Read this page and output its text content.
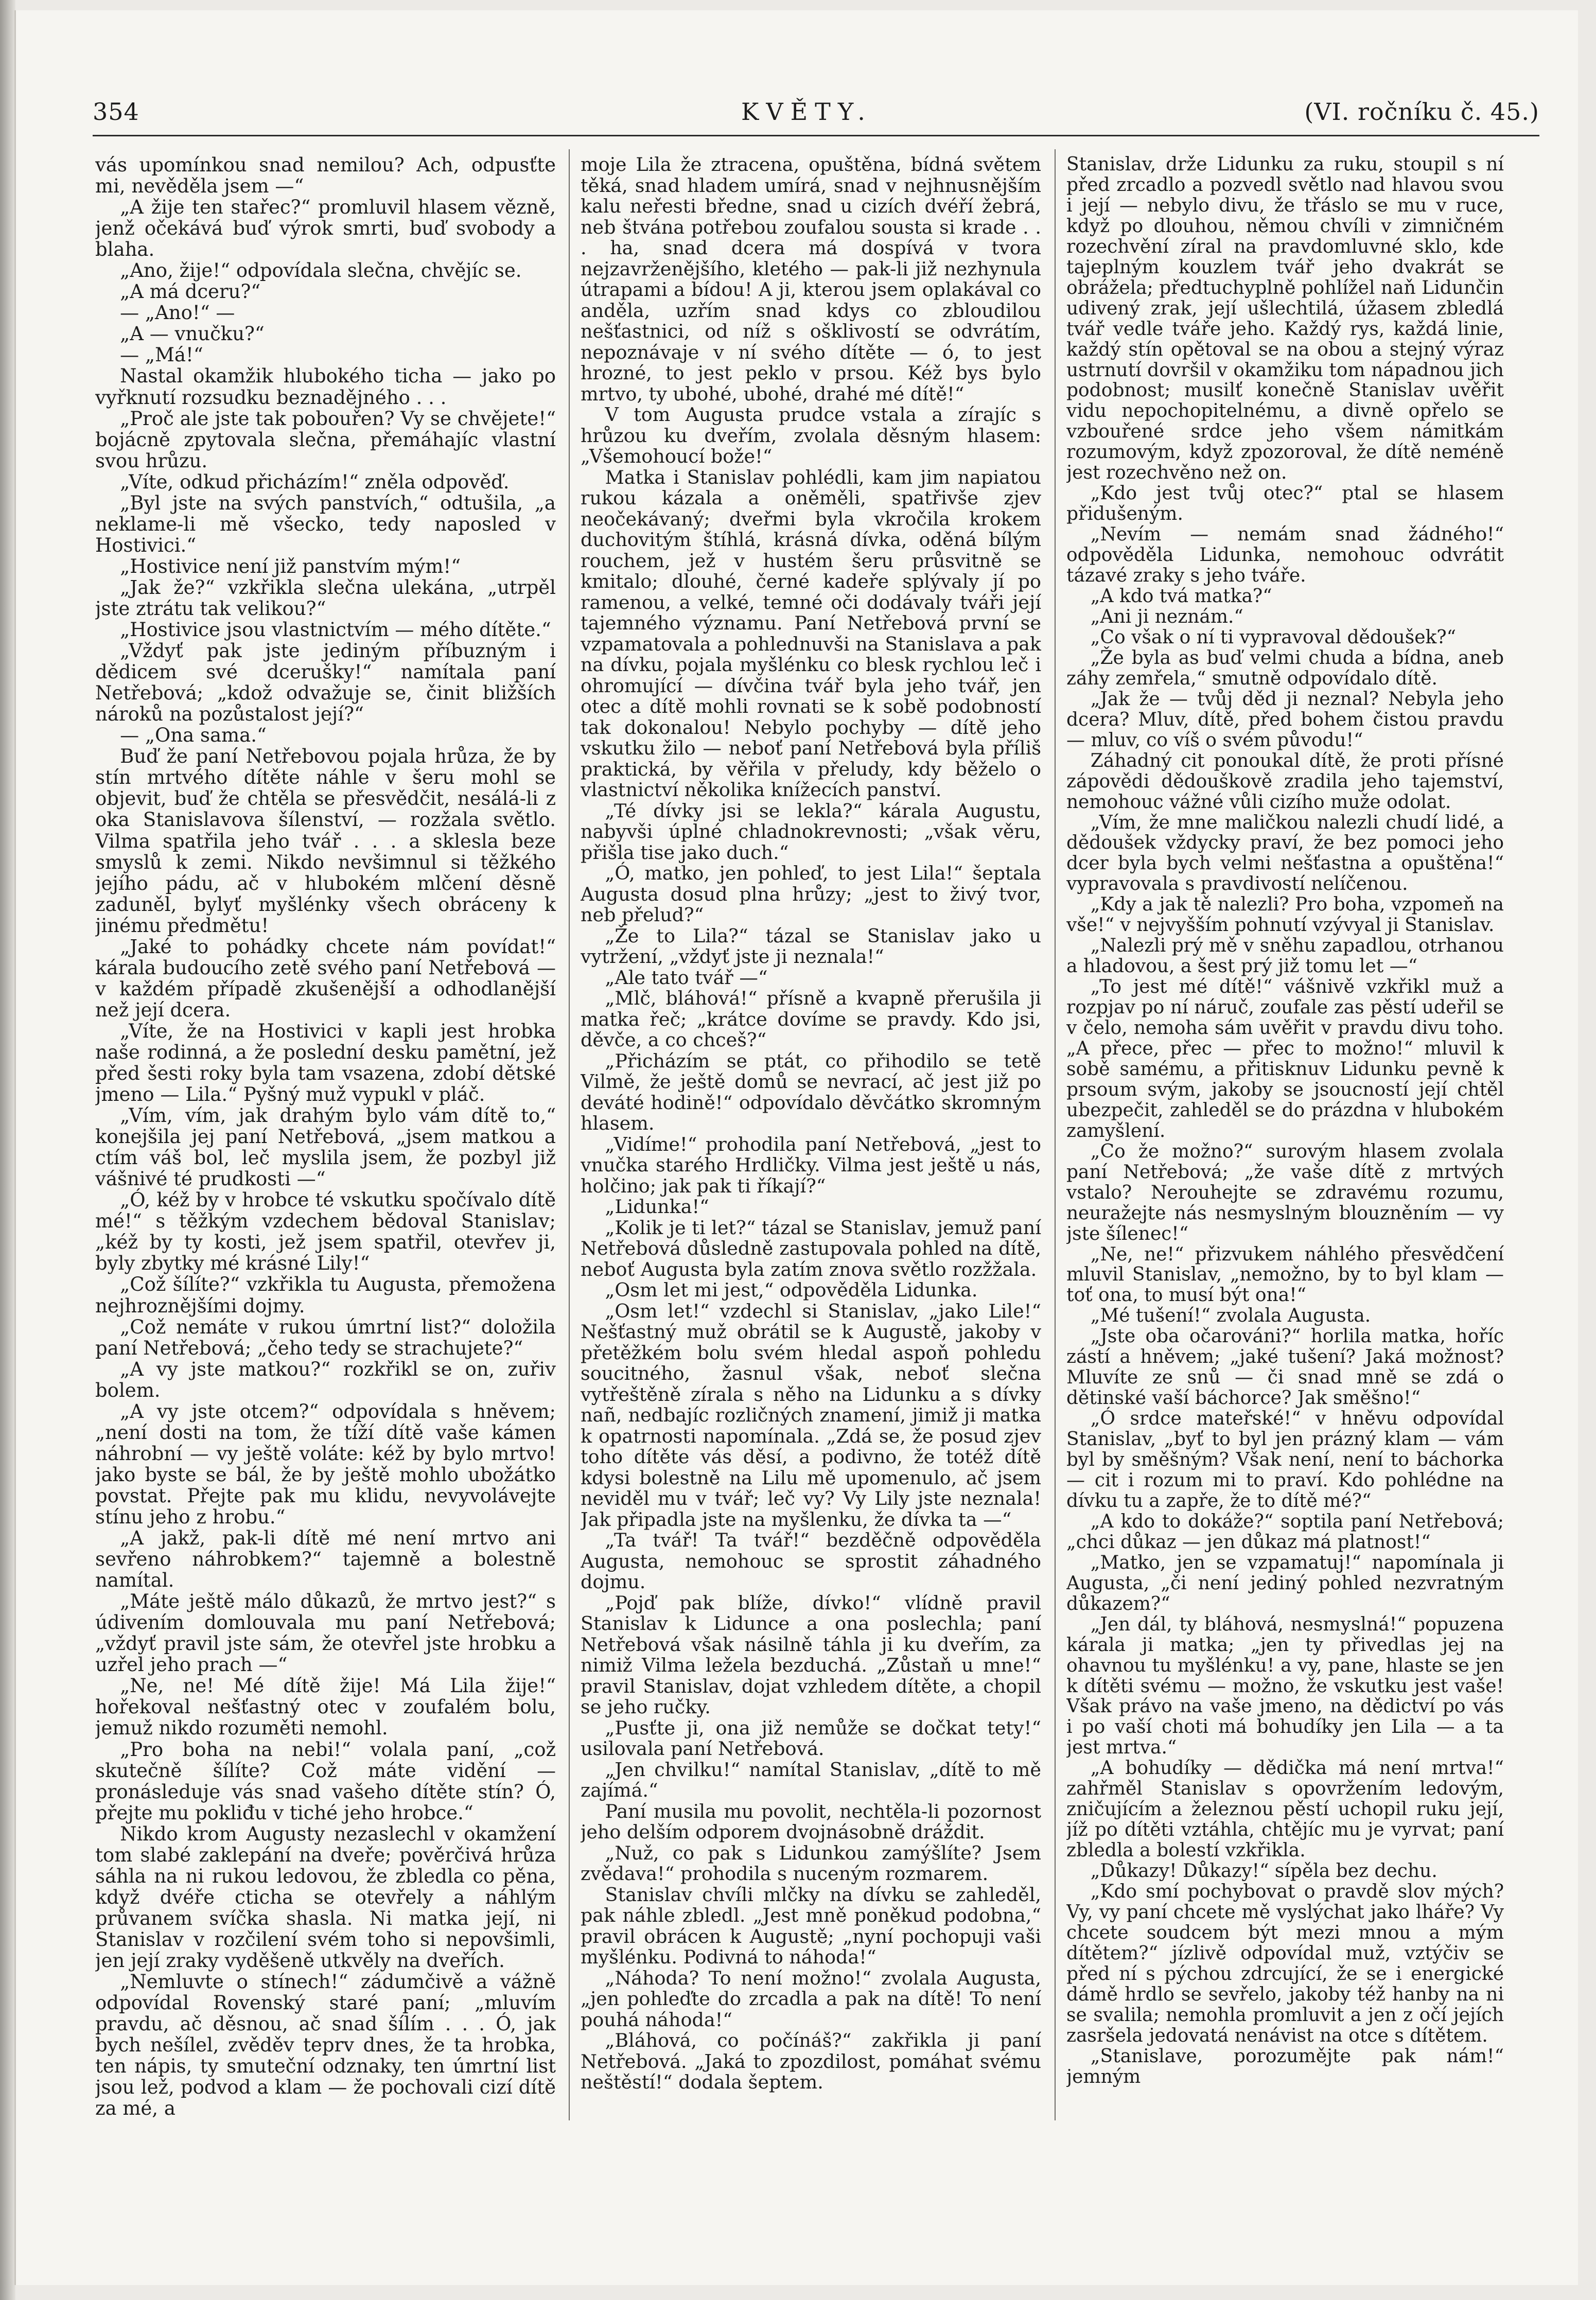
354	KVĚTY.	(VI. ročníku č. 45.)

vás upomínkou snad nemilou? Ach, odpusťte mi, nevěděla jsem —“

„A žije ten stařec?“ promluvil hlasem vězně, jenž očekává buď výrok smrti, buď svobody a blaha.

„Ano, žije!“ odpovídala slečna, chvějíc se.

„A má dceru?“

— „Ano!“ —

„A — vnučku?“

— „Má!“

Nastal okamžik hlubokého ticha — jako po vyřknutí rozsudku beznadějného . . .

„Proč ale jste tak pobouřen? Vy se chvějete!“ bojácně zpytovala slečna, přemáhajíc vlastní svou hrůzu.

„Víte, odkud přicházím!“ zněla odpověď.

„Byl jste na svých panstvích,“ odtušila, „a neklame-li mě všecko, tedy naposled v Hostivici.“

„Hostivice není již panstvím mým!“

„Jak že?“ vzkřikla slečna ulekána, „utrpěl jste ztrátu tak velikou?“

„Hostivice jsou vlastnictvím — mého dítěte.“

„Vždyť pak jste jediným příbuzným i dědicem své dcerušky!“ namítala paní Netřebová; „kdož odvažuje se, činit bližších nároků na pozůstalost její?“

— „Ona sama.“

Buď že paní Netřebovou pojala hrůza, že by stín mrtvého dítěte náhle v šeru mohl se objevit, buď že chtěla se přesvědčit, nesálá-li z oka Stanislavova šílenství, — rozžala světlo. Vilma spatřila jeho tvář . . . a sklesla beze smyslů k zemi. Nikdo nevšimnul si těžkého jejího pádu, ač v hlubokém mlčení děsně zaduněl, bylyť myšlénky všech obráceny k jinému předmětu!

„Jaké to pohádky chcete nám povídat!“ kárala budoucího zetě svého paní Netřebová — v každém případě zkušenější a odhodlanější než její dcera.

„Víte, že na Hostivici v kapli jest hrobka naše rodinná, a že poslední desku pamětní, jež před šesti roky byla tam vsazena, zdobí dětské jmeno — Lila.“ Pyšný muž vypukl v pláč.

„Vím, vím, jak drahým bylo vám dítě to,“ konejšila jej paní Netřebová, „jsem matkou a ctím váš bol, leč myslila jsem, že pozbyl již vášnivé té prudkosti —“

„Ó, kéž by v hrobce té vskutku spočívalo dítě mé!“ s těžkým vzdechem bědoval Stanislav; „kéž by ty kosti, jež jsem spatřil, otevřev ji, byly zbytky mé krásné Lily!“

„Což šílíte?“ vzkřikla tu Augusta, přemožena nejhroznějšími dojmy.

„Což nemáte v rukou úmrtní list?“ doložila paní Netřebová; „čeho tedy se strachujete?“

„A vy jste matkou?“ rozkřikl se on, zuřiv bolem.

„A vy jste otcem?“ odpovídala s hněvem; „není dosti na tom, že tíží dítě vaše kámen náhrobní — vy ještě voláte: kéž by bylo mrtvo! jako byste se bál, že by ještě mohlo ubožátko povstat. Přejte pak mu klidu, nevyvolávejte stínu jeho z hrobu.“

„A jakž, pak-li dítě mé není mrtvo ani sevřeno náhrobkem?“ tajemně a bolestně namítal.

„Máte ještě málo důkazů, že mrtvo jest?“ s údivením domlouvala mu paní Netřebová; „vždyť pravil jste sám, že otevřel jste hrobku a uzřel jeho prach —“

„Ne, ne! Mé dítě žije! Má Lila žije!“ hořekoval nešťastný otec v zoufalém bolu, jemuž nikdo rozuměti nemohl.

„Pro boha na nebi!“ volala paní, „což skutečně šílíte? Což máte vidění — pronásleduje vás snad vašeho dítěte stín? Ó, přejte mu pokliđu v tiché jeho hrobce.“

Nikdo krom Augusty nezaslechl v okamžení tom slabé zaklepání na dveře; pověrčivá hrůza sáhla na ni rukou ledovou, že zbledla co pěna, když dvéře cticha se otevřely a náhlým průvanem svíčka shasla. Ni matka její, ni Stanislav v rozčilení svém toho si nepovšimli, jen její zraky vyděšeně utkvěly na dveřích.

„Nemluvte o stínech!“ zádumčivě a vážně odpovídal Rovenský staré paní; „mluvím pravdu, ač děsnou, ač snad šílím . . . Ó, jak bych nešílel, zvěděv teprv dnes, že ta hrobka, ten nápis, ty smuteční odznaky, ten úmrtní list jsou lež, podvod a klam — že pochovali cizí dítě za mé, a

moje Lila že ztracena, opuštěna, bídná světem těká, snad hladem umírá, snad v nejhnusnějším kalu neřesti bředne, snad u cizích dvéří žebrá, neb štvána potřebou zoufalou sousta si krade . . . ha, snad dcera má dospívá v tvora nejzavrženějšího, kletého — pak-li již nezhynula útrapami a bídou! A ji, kterou jsem oplakával co anděla, uzřím snad kdys co zbloudilou nešťastnici, od níž s ošklivostí se odvrátím, nepoznávaje v ní svého dítěte — ó, to jest hrozné, to jest peklo v prsou. Kéž bys bylo mrtvo, ty ubohé, ubohé, drahé mé dítě!“

V tom Augusta prudce vstala a zírajíc s hrůzou ku dveřím, zvolala děsným hlasem: „Všemohoucí bože!“

Matka i Stanislav pohlédli, kam jim napiatou rukou kázala a oněměli, spatřivše zjev neočekávaný; dveřmi byla vkročila krokem duchovitým štíhlá, krásná dívka, oděná bílým rouchem, jež v hustém šeru průsvitně se kmitalo; dlouhé, černé kadeře splývaly jí po ramenou, a velké, temné oči dodávaly tváři její tajemného významu. Paní Netřebová první se vzpamatovala a pohlednuvši na Stanislava a pak na dívku, pojala myšlénku co blesk rychlou leč i ohromující — dívčina tvář byla jeho tvář, jen otec a dítě mohli rovnati se k sobě podobností tak dokonalou! Nebylo pochyby — dítě jeho vskutku žilo — neboť paní Netřebová byla příliš praktická, by věřila v přeludy, kdy běželo o vlastnictví několika knížecích panství.

„Té dívky jsi se lekla?“ kárala Augustu, nabyvši úplné chladnokrevnosti; „však věru, přišla tise jako duch.“

„Ó, matko, jen pohleď, to jest Lila!“ šeptala Augusta dosud plna hrůzy; „jest to živý tvor, neb přelud?“

„Že to Lila?“ tázal se Stanislav jako u vytržení, „vždyť jste ji neznala!“

„Ale tato tvář —“

„Mlč, bláhová!“ přísně a kvapně přerušila ji matka řeč; „krátce dovíme se pravdy. Kdo jsi, děvče, a co chceš?“

„Přicházím se ptát, co přihodilo se tetě Vilmě, že ještě domů se nevrací, ač jest již po deváté hodině!“ odpovídalo děvčátko skromným hlasem.

„Vidíme!“ prohodila paní Netřebová, „jest to vnučka starého Hrdličky. Vilma jest ještě u nás, holčino; jak pak ti říkají?“

„Lidunka!“

„Kolik je ti let?“ tázal se Stanislav, jemuž paní Netřebová důsledně zastupovala pohled na dítě, neboť Augusta byla zatím znova světlo rozžžala.

„Osm let mi jest,“ odpověděla Lidunka.

„Osm let!“ vzdechl si Stanislav, „jako Lile!“ Nešťastný muž obrátil se k Augustě, jakoby v přetěžkém bolu svém hledal aspoň pohledu soucitného, žasnul však, neboť slečna vytřeštěně zírala s něho na Lidunku a s dívky nañ, nedbajíc rozličných znamení, jimiž ji matka k opatrnosti napomínala. „Zdá se, že posud zjev toho dítěte vás děsí, a podivno, že totéž dítě kdysi bolestně na Lilu mě upomenulo, ač jsem neviděl mu v tvář; leč vy? Vy Lily jste neznala! Jak připadla jste na myšlenku, že dívka ta —“

„Ta tvář! Ta tvář!“ bezděčně odpověděla Augusta, nemohouc se sprostit záhadného dojmu.

„Pojď pak blíže, dívko!“ vlídně pravil Stanislav k Lidunce a ona poslechla; paní Netřebová však násilně táhla ji ku dveřím, za nimiž Vilma ležela bezduchá. „Zůstaň u mne!“ pravil Stanislav, dojat vzhledem dítěte, a chopil se jeho ručky.

„Pusťte ji, ona již nemůže se dočkat tety!“ usilovala paní Netřebová.

„Jen chvilku!“ namítal Stanislav, „dítě to mě zajímá.“

Paní musila mu povolit, nechtěla-li pozornost jeho delším odporem dvojnásobně dráždit.

„Nuž, co pak s Lidunkou zamýšlíte? Jsem zvědava!“ prohodila s nuceným rozmarem.

Stanislav chvíli mlčky na dívku se zahleděl, pak náhle zbledl. „Jest mně poněkud podobna,“ pravil obrácen k Augustě; „nyní pochopuji vaši myšlénku. Podivná to náhoda!“

„Náhoda? To není možno!“ zvolala Augusta, „jen pohleďte do zrcadla a pak na dítě! To není pouhá náhoda!“

„Bláhová, co počínáš?“ zakřikla ji paní Netřebová. „Jaká to zpozdilost, pomáhat svému neštěstí!“ dodala šeptem.

Stanislav, drže Lidunku za ruku, stoupil s ní před zrcadlo a pozvedl světlo nad hlavou svou i její — nebylo divu, že třáslo se mu v ruce, když po dlouhou, němou chvíli v zimničném rozechvění zíral na pravdomluvné sklo, kde tajeplným kouzlem tvář jeho dvakrát se obrážela; předtuchyplně pohlížel naň Lidunčin udivený zrak, její ušlechtilá, úžasem zbledlá tvář vedle tváře jeho. Každý rys, každá linie, každý stín opětoval se na obou a stejný výraz ustrnutí dovršil v okamžiku tom nápadnou jich podobnost; musilť konečně Stanislav uvěřit vidu nepochopitelnému, a divně opřelo se vzbouřené srdce jeho všem námitkám rozumovým, když zpozoroval, že dítě neméně jest rozechvěno než on.

„Kdo jest tvůj otec?“ ptal se hlasem přidušeným.

„Nevím — nemám snad žádného!“ odpověděla Lidunka, nemohouc odvrátit tázavé zraky s jeho tváře.

„A kdo tvá matka?“

„Ani ji neznám.“

„Co však o ní ti vypravoval dědoušek?“

„Že byla as buď velmi chuda a bídna, aneb záhy zemřela,“ smutně odpovídalo dítě.

„Jak že — tvůj děd ji neznal? Nebyla jeho dcera? Mluv, dítě, před bohem čistou pravdu — mluv, co víš o svém původu!“

Záhadný cit ponoukal dítě, že proti přísné zápovědi dědouškově zradila jeho tajemství, nemohouc vážné vůli cizího muže odolat.

„Vím, že mne maličkou nalezli chudí lidé, a dědoušek vždycky praví, že bez pomoci jeho dcer byla bych velmi nešťastna a opuštěna!“ vypravovala s pravdivostí nelíčenou.

„Kdy a jak tě nalezli? Pro boha, vzpomeň na vše!“ v nejvyšším pohnutí vzývyal ji Stanislav.

„Nalezli prý mě v sněhu zapadlou, otrhanou a hladovou, a šest prý již tomu let —“

„To jest mé dítě!“ vášnivě vzkřikl muž a rozpjav po ní náruč, zoufale zas pěstí udeřil se v čelo, nemoha sám uvěřit v pravdu divu toho. „A přece, přec — přec to možno!“ mluvil k sobě samému, a přitisknuv Lidunku pevně k prsoum svým, jakoby se jsoucností její chtěl ubezpečit, zahleděl se do prázdna v hlubokém zamyšlení.

„Co že možno?“ surovým hlasem zvolala paní Netřebová; „že vaše dítě z mrtvých vstalo? Nerouhejte se zdravému rozumu, neuražejte nás nesmyslným blouzněním — vy jste šílenec!“

„Ne, ne!“ přizvukem náhlého přesvědčení mluvil Stanislav, „nemožno, by to byl klam — toť ona, to musí být ona!“

„Mé tušení!“ zvolala Augusta.

„Jste oba očarováni?“ horlila matka, hoříc zástí a hněvem; „jaké tušení? Jaká možnost? Mluvíte ze snů — či snad mně se zdá o dětinské vaší báchorce? Jak směšno!“

„Ó srdce mateřské!“ v hněvu odpovídal Stanislav, „byť to byl jen prázný klam — vám byl by směšným? Však není, není to báchorka — cit i rozum mi to praví. Kdo pohlédne na dívku tu a zapře, že to dítě mé?“

„A kdo to dokáže?“ soptila paní Netřebová; „chci důkaz — jen důkaz má platnost!“

„Matko, jen se vzpamatuj!“ napomínala ji Augusta, „či není jediný pohled nezvratným důkazem?“

„Jen dál, ty bláhová, nesmyslná!“ popuzena kárala ji matka; „jen ty přivedlas jej na ohavnou tu myšlénku! a vy, pane, hlaste se jen k dítěti svému — možno, že vskutku jest vaše! Však právo na vaše jmeno, na dědictví po vás i po vaší choti má bohudíky jen Lila — a ta jest mrtva.“

„A bohudíky — dědička má není mrtva!“ zahřměl Stanislav s opovržením ledovým, zničujícím a železnou pěstí uchopil ruku její, jíž po dítěti vztáhla, chtějíc mu je vyrvat; paní zbledla a bolestí vzkřikla.

„Důkazy! Důkazy!“ sípěla bez dechu.

„Kdo smí pochybovat o pravdě slov mých? Vy, vy paní chcete mě vyslýchat jako lháře? Vy chcete soudcem být mezi mnou a mým dítětem?“ jízlivě odpovídal muž, vztýčiv se před ní s pýchou zdrcující, že se i energické dámě hrdlo se sevřelo, jakoby též hanby na ni se svalila; nemohla promluvit a jen z očí jejích zasršela jedovatá nenávist na otce s dítětem.

„Stanislave, porozumějte pak nám!“ jemným
